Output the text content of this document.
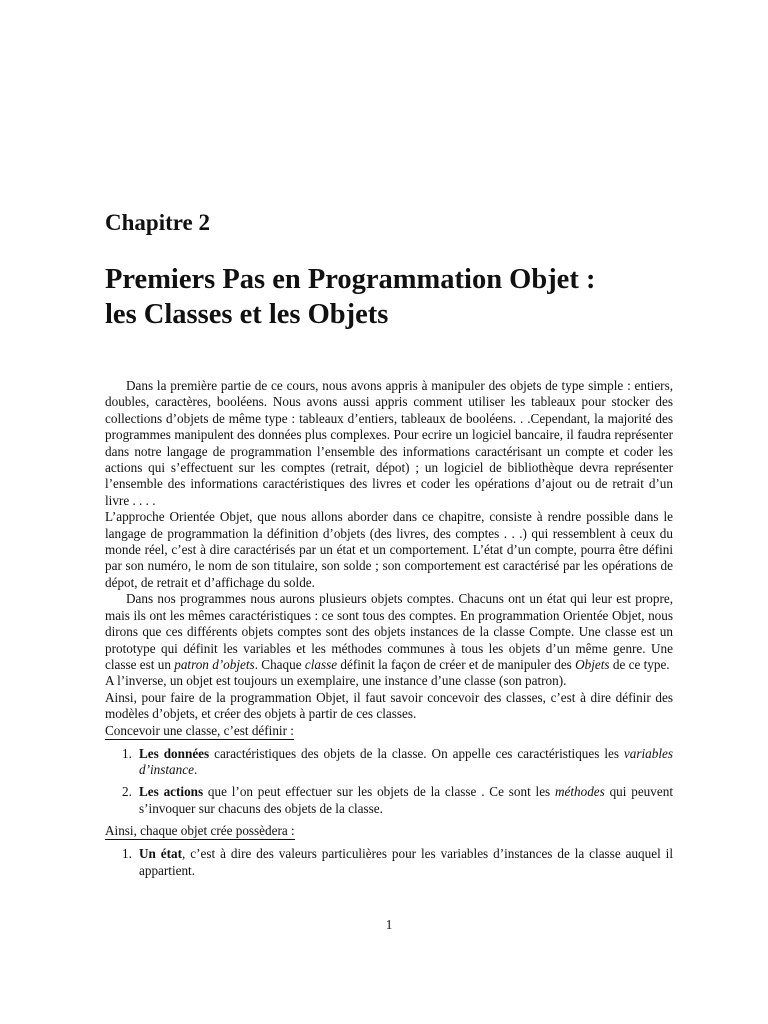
Chapitre 2
Premiers Pas en Programmation Objet :
les Classes et les Objets

Dans la première partie de ce cours, nous avons appris à manipuler des objets de type simple : entiers, doubles, caractères, booléens. Nous avons aussi appris comment utiliser les tableaux pour stocker des collections d’objets de même type : tableaux d’entiers, tableaux de booléens. . .Cependant, la majorité des programmes manipulent des données plus complexes. Pour ecrire un logiciel bancaire, il faudra représenter dans notre langage de programmation l’ensemble des informations caractérisant un compte et coder les actions qui s’effectuent sur les comptes (retrait, dépot) ; un logiciel de bibliothèque devra représenter l’ensemble des informations caractéristiques des livres et coder les opérations d’ajout ou de retrait d’un livre . . . .

L’approche Orientée Objet, que nous allons aborder dans ce chapitre, consiste à rendre possible dans le langage de programmation la définition d’objets (des livres, des comptes . . .) qui ressemblent à ceux du monde réel, c’est à dire caractérisés par un état et un comportement. L’état d’un compte, pourra être défini par son numéro, le nom de son titulaire, son solde ; son comportement est caractérisé par les opérations de dépot, de retrait et d’affichage du solde.

Dans nos programmes nous aurons plusieurs objets comptes. Chacuns ont un état qui leur est propre, mais ils ont les mêmes caractéristiques : ce sont tous des comptes. En programmation Orientée Objet, nous dirons que ces différents objets comptes sont des objets instances de la classe Compte. Une classe est un prototype qui définit les variables et les méthodes communes à tous les objets d’un même genre. Une classe est un patron d’objets. Chaque classe définit la façon de créer et de manipuler des Objets de ce type.

A l’inverse, un objet est toujours un exemplaire, une instance d’une classe (son patron).

Ainsi, pour faire de la programmation Objet, il faut savoir concevoir des classes, c’est à dire définir des modèles d’objets, et créer des objets à partir de ces classes.

Concevoir une classe, c’est définir :

1. Les données caractéristiques des objets de la classe. On appelle ces caractéristiques les variables d’instance.
2. Les actions que l’on peut effectuer sur les objets de la classe . Ce sont les méthodes qui peuvent s’invoquer sur chacuns des objets de la classe.

Ainsi, chaque objet crée possèdera :

1. Un état, c’est à dire des valeurs particulières pour les variables d’instances de la classe auquel il appartient.
1
